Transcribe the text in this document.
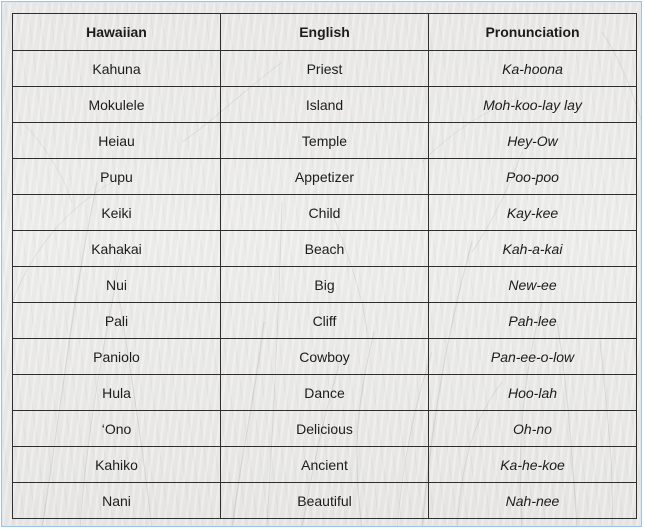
Hawaiian	English	Pronunciation
Kahuna	Priest	Ka-hoona
Mokulele	Island	Moh-koo-lay lay
Heiau	Temple	Hey-Ow
Pupu	Appetizer	Poo-poo
Keiki	Child	Kay-kee
Kahakai	Beach	Kah-a-kai
Nui	Big	New-ee
Pali	Cliff	Pah-lee
Paniolo	Cowboy	Pan-ee-o-low
Hula	Dance	Hoo-lah
‘Ono	Delicious	Oh-no
Kahiko	Ancient	Ka-he-koe
Nani	Beautiful	Nah-nee
